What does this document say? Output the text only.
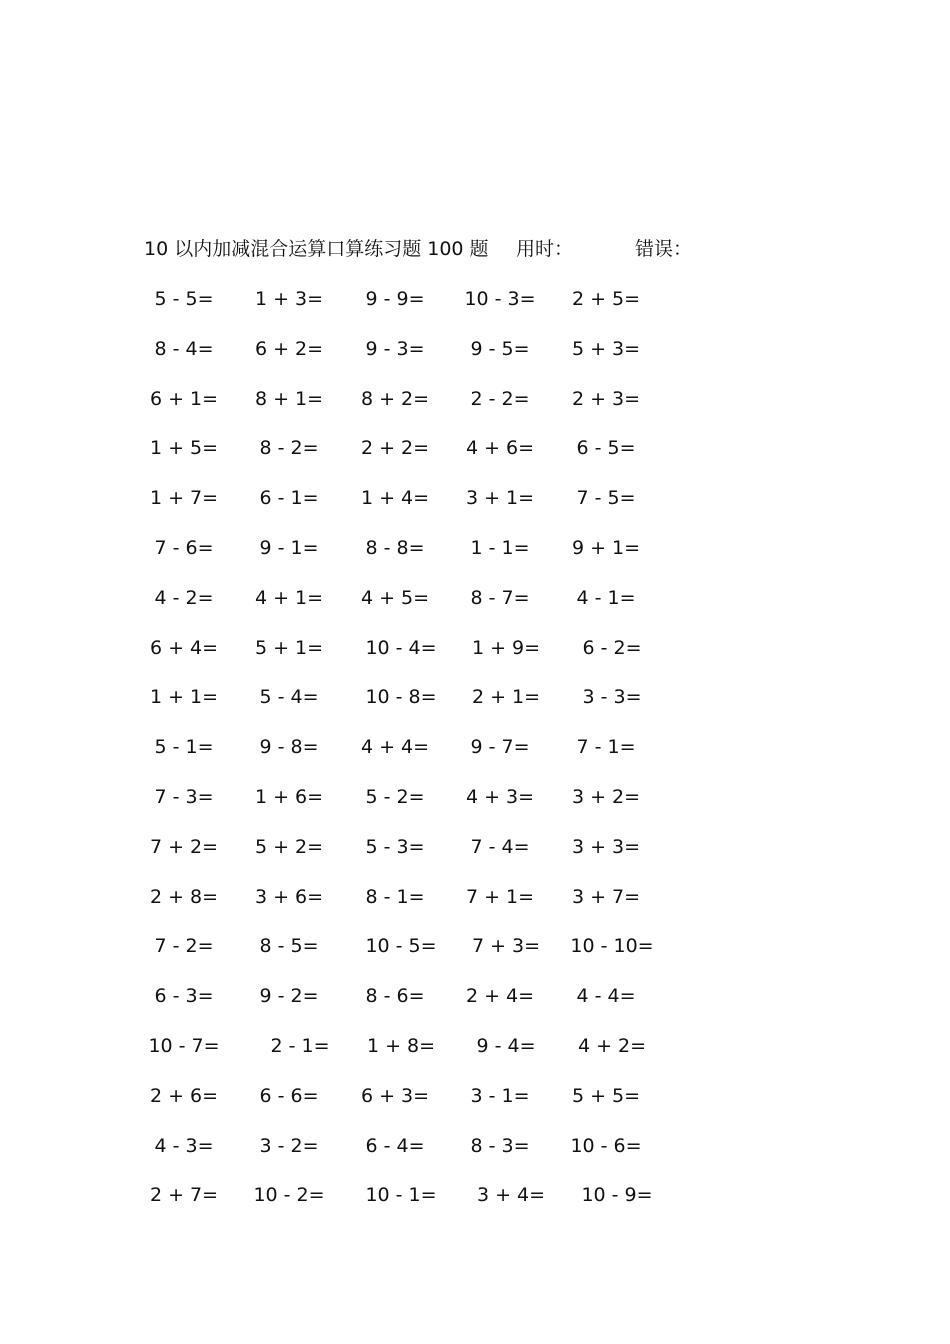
10 以内加减混合运算口算练习题 100 题 用时：	错误：
5 - 5=	1 + 3=	9 - 9=	10 - 3=	2 + 5=
8 - 4=	6 + 2=	9 - 3=	9 - 5=	5 + 3=
6 + 1=	8 + 1=	8 + 2=	2 - 2=	2 + 3=
1 + 5=	8 - 2=	2 + 2=	4 + 6=	6 - 5=
1 + 7=	6 - 1=	1 + 4=	3 + 1=	7 - 5=
7 - 6=	9 - 1=	8 - 8=	1 - 1=	9 + 1=
4 - 2=	4 + 1=	4 + 5=	8 - 7=	4 - 1=
6 + 4=	5 + 1=	10 - 4=	1 + 9=	6 - 2=
1 + 1=	5 - 4=	10 - 8=	2 + 1=	3 - 3=
5 - 1=	9 - 8=	4 + 4=	9 - 7=	7 - 1=
7 - 3=	1 + 6=	5 - 2=	4 + 3=	3 + 2=
7 + 2=	5 + 2=	5 - 3=	7 - 4=	3 + 3=
2 + 8=	3 + 6=	8 - 1=	7 + 1=	3 + 7=
7 - 2=	8 - 5=	10 - 5=	7 + 3=	10 - 10=
6 - 3=	9 - 2=	8 - 6=	2 + 4=	4 - 4=
10 - 7=	2 - 1=	1 + 8=	9 - 4=	4 + 2=
2 + 6=	6 - 6=	6 + 3=	3 - 1=	5 + 5=
4 - 3=	3 - 2=	6 - 4=	8 - 3=	10 - 6=
2 + 7=	10 - 2=	10 - 1=	3 + 4=	10 - 9=
